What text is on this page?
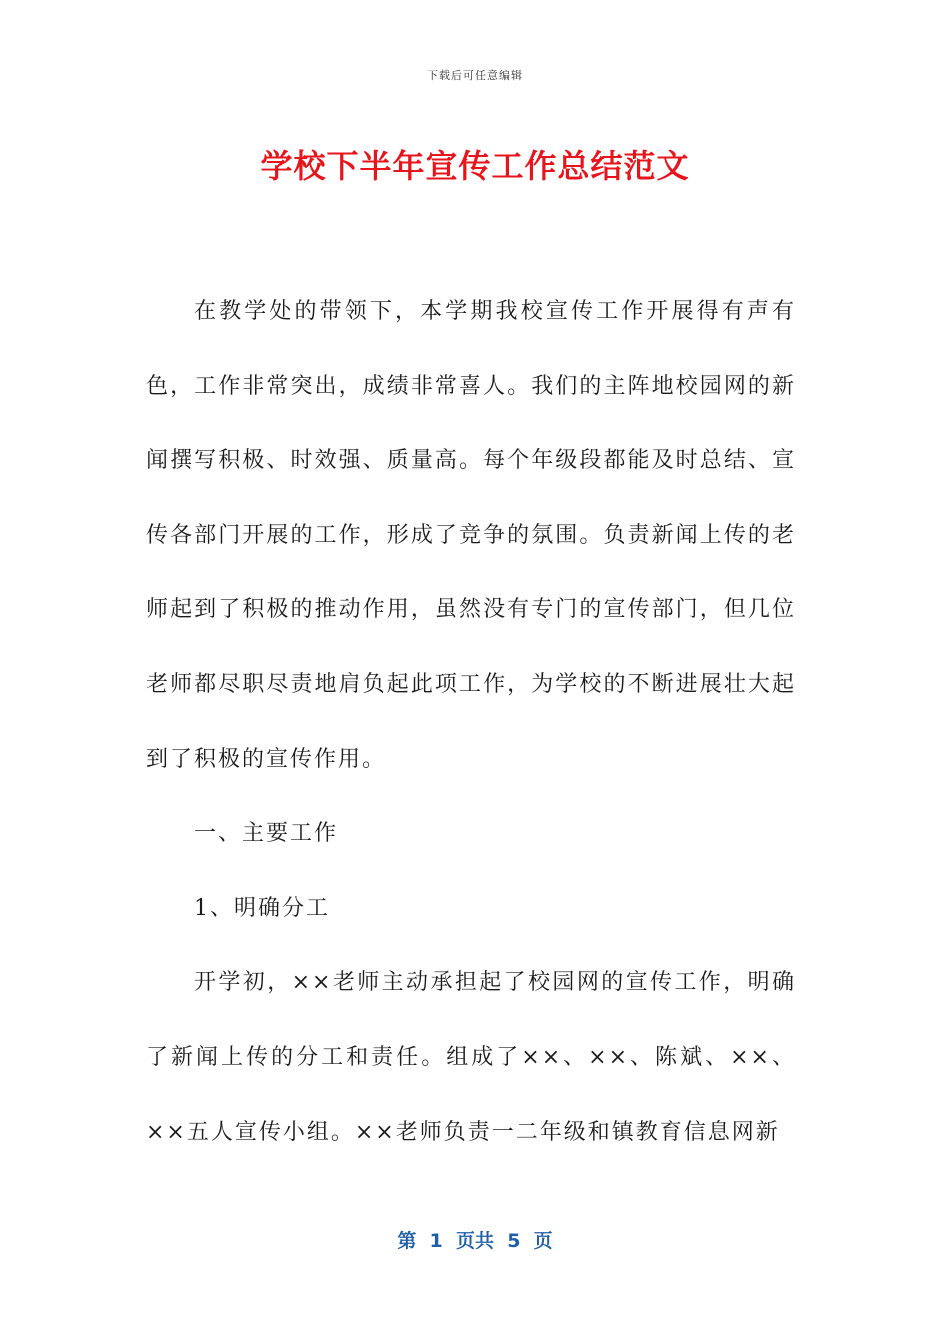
下载后可任意编辑
学校下半年宣传工作总结范文

在教学处的带领下，本学期我校宣传工作开展得有声有色，工作非常突出，成绩非常喜人。我们的主阵地校园网的新闻撰写积极、时效强、质量高。每个年级段都能及时总结、宣传各部门开展的工作，形成了竞争的氛围。负责新闻上传的老师起到了积极的推动作用，虽然没有专门的宣传部门，但几位老师都尽职尽责地肩负起此项工作，为学校的不断进展壮大起到了积极的宣传作用。

一、主要工作

1、明确分工

开学初，××老师主动承担起了校园网的宣传工作，明确了新闻上传的分工和责任。组成了××、××、陈斌、××、××五人宣传小组。××老师负责一二年级和镇教育信息网新

第  1  页共  5  页
